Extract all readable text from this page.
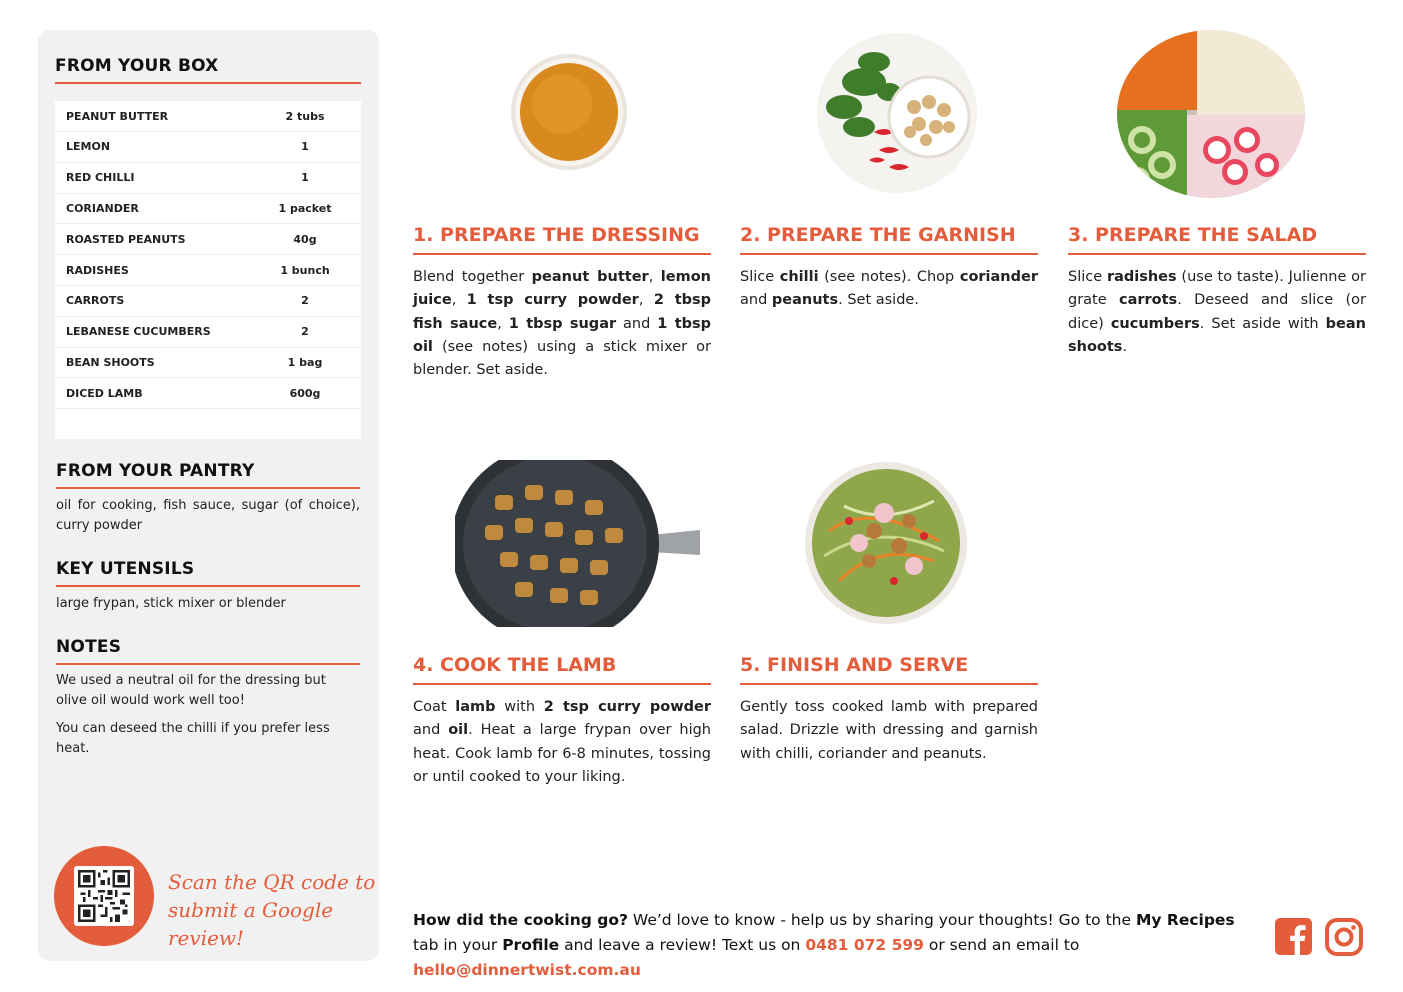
FROM YOUR BOX
PEANUT BUTTER	2 tubs
LEMON	1
RED CHILLI	1
CORIANDER	1 packet
ROASTED PEANUTS	40g
RADISHES	1 bunch
CARROTS	2
LEBANESE CUCUMBERS	2
BEAN SHOOTS	1 bag
DICED LAMB	600g
FROM YOUR PANTRY
oil for cooking, fish sauce, sugar (of choice), curry powder
KEY UTENSILS
large frypan, stick mixer or blender
NOTES
We used a neutral oil for the dressing but olive oil would work well too!
You can deseed the chilli if you prefer less heat.
Scan the QR code to
submit a Google review!
1. PREPARE THE DRESSING
Blend together peanut butter, lemon juice, 1 tsp curry powder, 2 tbsp fish sauce, 1 tbsp sugar and 1 tbsp oil (see notes) using a stick mixer or blender. Set aside.
2. PREPARE THE GARNISH
Slice chilli (see notes). Chop coriander and peanuts. Set aside.
3. PREPARE THE SALAD
Slice radishes (use to taste). Julienne or grate carrots. Deseed and slice (or dice) cucumbers. Set aside with bean shoots.
4. COOK THE LAMB
Coat lamb with 2 tsp curry powder and oil. Heat a large frypan over high heat. Cook lamb for 6-8 minutes, tossing or until cooked to your liking.
5. FINISH AND SERVE
Gently toss cooked lamb with prepared salad. Drizzle with dressing and garnish with chilli, coriander and peanuts.
How did the cooking go? We’d love to know - help us by sharing your thoughts! Go to the My Recipes tab in your Profile and leave a review! Text us on 0481 072 599 or send an email to hello@dinnertwist.com.au
